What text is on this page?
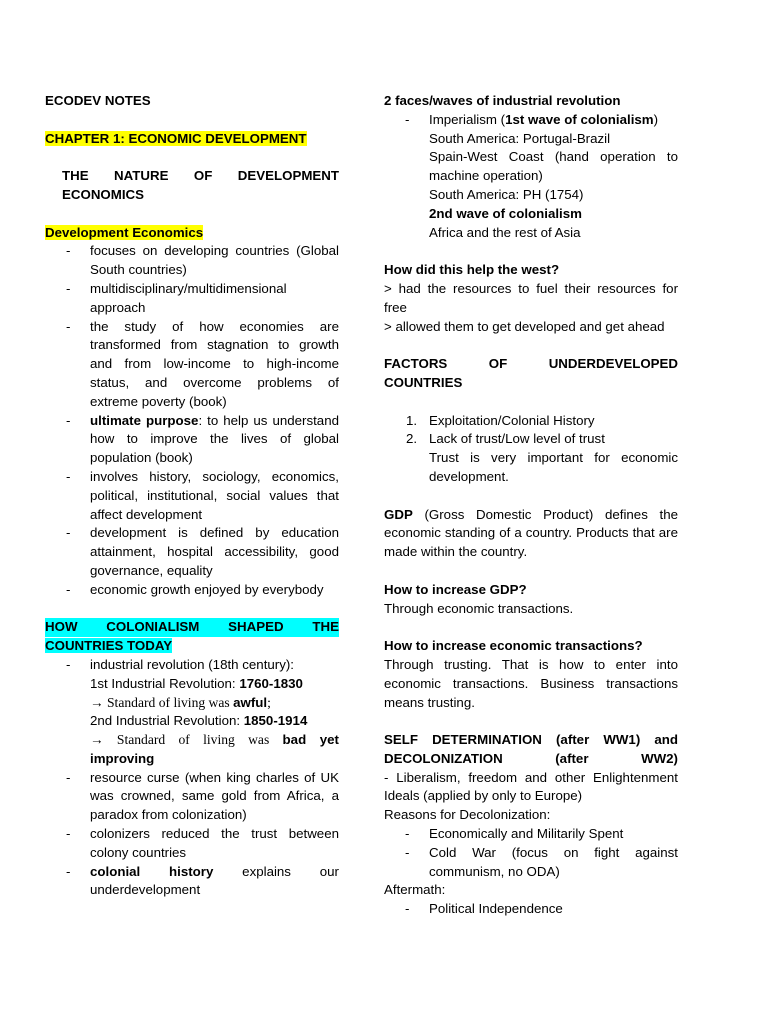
ECODEV NOTES

CHAPTER 1: ECONOMIC DEVELOPMENT

THE NATURE OF DEVELOPMENT

ECONOMICS

Development Economics

- focuses on developing countries (Global South countries)
- multidisciplinary/multidimensional approach
- the study of how economies are transformed from stagnation to growth and from low-income to high-income status, and overcome problems of extreme poverty (book)
- ultimate purpose: to help us understand how to improve the lives of global population (book)
- involves history, sociology, economics, political, institutional, social values that affect development
- development is defined by education attainment, hospital accessibility, good governance, equality
- economic growth enjoyed by everybody

HOW COLONIALISM SHAPED THE

COUNTRIES TODAY

- industrial revolution (18th century):
1st Industrial Revolution: 1760-1830
→ Standard of living was awful;
2nd Industrial Revolution: 1850-1914
→ Standard of living was bad yet improving
- resource curse (when king charles of UK was crowned, same gold from Africa, a paradox from colonization)
- colonizers reduced the trust between colony countries
- colonial history explains our underdevelopment

2 faces/waves of industrial revolution

- Imperialism (1st wave of colonialism)
South America: Portugal-Brazil
Spain-West Coast (hand operation to machine operation)
South America: PH (1754)
2nd wave of colonialism
Africa and the rest of Asia

How did this help the west?

> had the resources to fuel their resources for free

> allowed them to get developed and get ahead

FACTORS OF UNDERDEVELOPED

COUNTRIES

1. Exploitation/Colonial History
2. Lack of trust/Low level of trust

Trust is very important for economic development.

GDP (Gross Domestic Product) defines the economic standing of a country. Products that are made within the country.

How to increase GDP?

Through economic transactions.

How to increase economic transactions?

Through trusting. That is how to enter into economic transactions. Business transactions means trusting.

SELF DETERMINATION (after WW1) and DECOLONIZATION (after WW2)

- Liberalism, freedom and other Enlightenment Ideals (applied by only to Europe)

Reasons for Decolonization:

- Economically and Militarily Spent
- Cold War (focus on fight against communism, no ODA)

Aftermath:

- Political Independence
